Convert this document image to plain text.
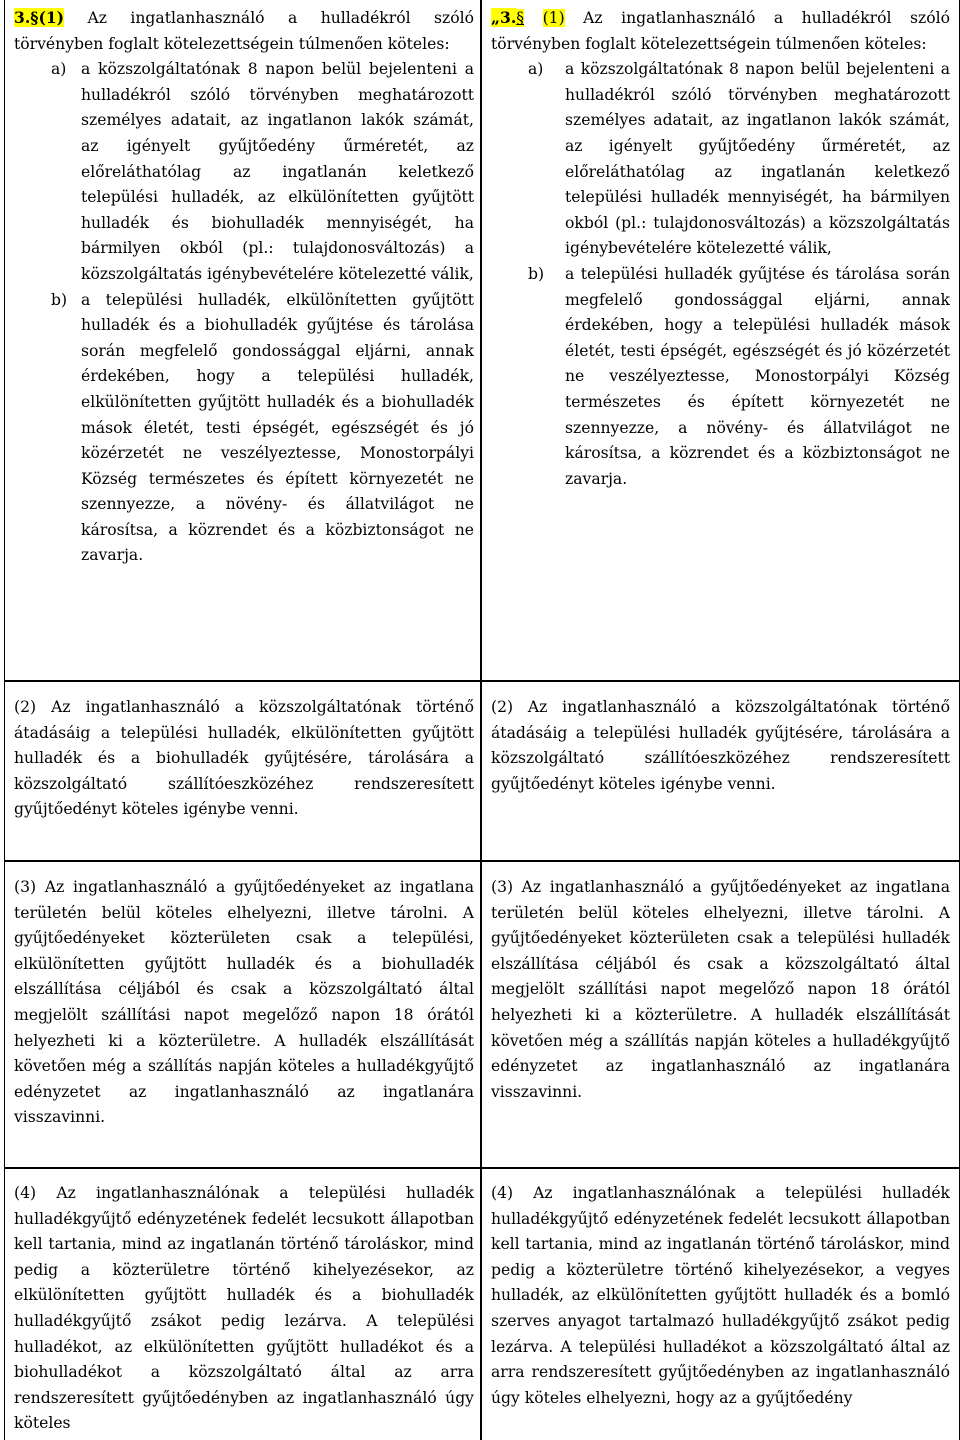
3.§(1) Az ingatlanhasználó a hulladékról szóló törvényben foglalt kötelezettségein túlmenően köteles:

a) a közszolgáltatónak 8 napon belül bejelenteni a hulladékról szóló törvényben meghatározott személyes adatait, az ingatlanon lakók számát, az igényelt gyűjtőedény űrméretét, az előreláthatólag az ingatlanán keletkező települési hulladék, az elkülönítetten gyűjtött hulladék és biohulladék mennyiségét, ha bármilyen okból (pl.: tulajdonosváltozás) a közszolgáltatás igénybevételére kötelezetté válik,
b) a települési hulladék, elkülönítetten gyűjtött hulladék és a biohulladék gyűjtése és tárolása során megfelelő gondossággal eljárni, annak érdekében, hogy a települési hulladék, elkülönítetten gyűjtött hulladék és a biohulladék mások életét, testi épségét, egészségét és jó közérzetét ne veszélyeztesse, Monostorpályi Község természetes és épített környezetét ne szennyezze, a növény- és állatvilágot ne károsítsa, a közrendet és a közbiztonságot ne zavarja.

„3.§ (1) Az ingatlanhasználó a hulladékról szóló törvényben foglalt kötelezettségein túlmenően köteles:

a) a közszolgáltatónak 8 napon belül bejelenteni a hulladékról szóló törvényben meghatározott személyes adatait, az ingatlanon lakók számát, az igényelt gyűjtőedény űrméretét, az előreláthatólag az ingatlanán keletkező települési hulladék mennyiségét, ha bármilyen okból (pl.: tulajdonosváltozás) a közszolgáltatás igénybevételére kötelezetté válik,
b) a települési hulladék gyűjtése és tárolása során megfelelő gondossággal eljárni, annak érdekében, hogy a települési hulladék mások életét, testi épségét, egészségét és jó közérzetét ne veszélyeztesse, Monostorpályi Község természetes és épített környezetét ne szennyezze, a növény- és állatvilágot ne károsítsa, a közrendet és a közbiztonságot ne zavarja.

(2) Az ingatlanhasználó a közszolgáltatónak történő átadásáig a települési hulladék, elkülönítetten gyűjtött hulladék és a biohulladék gyűjtésére, tárolására a közszolgáltató szállítóeszközéhez rendszeresített gyűjtőedényt köteles igénybe venni.

(2) Az ingatlanhasználó a közszolgáltatónak történő átadásáig a települési hulladék gyűjtésére, tárolására a közszolgáltató szállítóeszközéhez rendszeresített gyűjtőedényt köteles igénybe venni.

(3) Az ingatlanhasználó a gyűjtőedényeket az ingatlana területén belül köteles elhelyezni, illetve tárolni. A gyűjtőedényeket közterületen csak a települési, elkülönítetten gyűjtött hulladék és a biohulladék elszállítása céljából és csak a közszolgáltató által megjelölt szállítási napot megelőző napon 18 órától helyezheti ki a közterületre. A hulladék elszállítását követően még a szállítás napján köteles a hulladékgyűjtő edényzetet az ingatlanhasználó az ingatlanára visszavinni.

(3) Az ingatlanhasználó a gyűjtőedényeket az ingatlana területén belül köteles elhelyezni, illetve tárolni. A gyűjtőedényeket közterületen csak a települési hulladék elszállítása céljából és csak a közszolgáltató által megjelölt szállítási napot megelőző napon 18 órától helyezheti ki a közterületre. A hulladék elszállítását követően még a szállítás napján köteles a hulladékgyűjtő edényzetet az ingatlanhasználó az ingatlanára visszavinni.

(4) Az ingatlanhasználónak a települési hulladék hulladékgyűjtő edényzetének fedelét lecsukott állapotban kell tartania, mind az ingatlanán történő tároláskor, mind pedig a közterületre történő kihelyezésekor, az elkülönítetten gyűjtött hulladék és a biohulladék hulladékgyűjtő zsákot pedig lezárva. A települési hulladékot, az elkülönítetten gyűjtött hulladékot és a biohulladékot a közszolgáltató által az arra rendszeresített gyűjtőedényben az ingatlanhasználó úgy köteles

(4) Az ingatlanhasználónak a települési hulladék hulladékgyűjtő edényzetének fedelét lecsukott állapotban kell tartania, mind az ingatlanán történő tároláskor, mind pedig a közterületre történő kihelyezésekor, a vegyes hulladék, az elkülönítetten gyűjtött hulladék és a bomló szerves anyagot tartalmazó hulladékgyűjtő zsákot pedig lezárva. A települési hulladékot a közszolgáltató által az arra rendszeresített gyűjtőedényben az ingatlanhasználó úgy köteles elhelyezni, hogy az a gyűjtőedény
